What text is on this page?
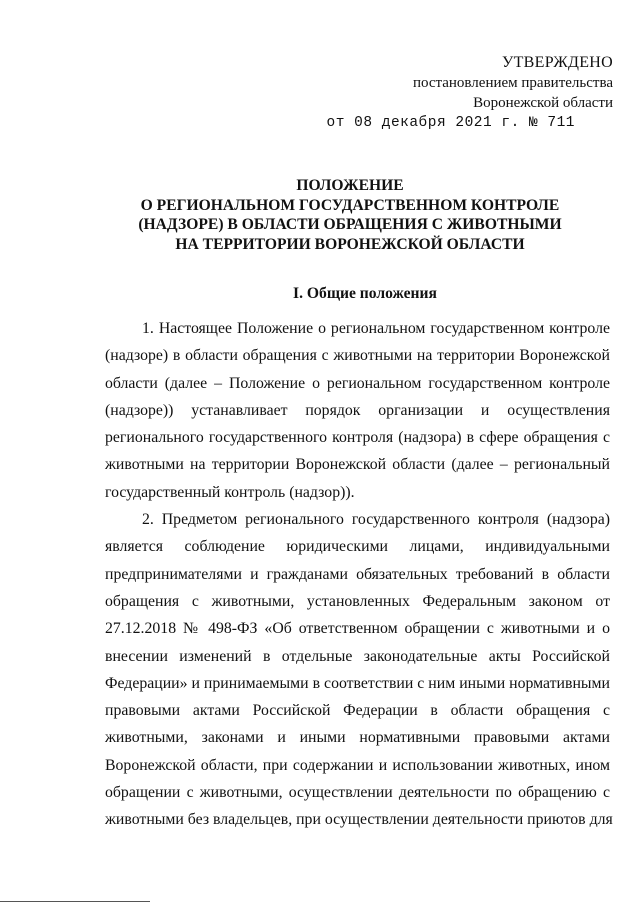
УТВЕРЖДЕНО
постановлением правительства
Воронежской области
от 08 декабря 2021 г. № 711
ПОЛОЖЕНИЕ
О РЕГИОНАЛЬНОМ ГОСУДАРСТВЕННОМ КОНТРОЛЕ
(НАДЗОРЕ) В ОБЛАСТИ ОБРАЩЕНИЯ С ЖИВОТНЫМИ
НА ТЕРРИТОРИИ ВОРОНЕЖСКОЙ ОБЛАСТИ
I. Общие положения
1. Настоящее Положение о региональном государственном контроле
(надзоре) в области обращения с животными на территории Воронежской
области (далее – Положение о региональном государственном контроле
(надзоре)) устанавливает порядок организации и осуществления
регионального государственного контроля (надзора) в сфере обращения с
животными на территории Воронежской области (далее – региональный
государственный контроль (надзор)).
2. Предметом регионального государственного контроля (надзора)
является соблюдение юридическими лицами, индивидуальными
предпринимателями и гражданами обязательных требований в области
обращения с животными, установленных Федеральным законом от
27.12.2018 № 498-ФЗ «Об ответственном обращении с животными и о
внесении изменений в отдельные законодательные акты Российской
Федерации» и принимаемыми в соответствии с ним иными нормативными
правовыми актами Российской Федерации в области обращения с
животными, законами и иными нормативными правовыми актами
Воронежской области, при содержании и использовании животных, ином
обращении с животными, осуществлении деятельности по обращению с
животными без владельцев, при осуществлении деятельности приютов для
